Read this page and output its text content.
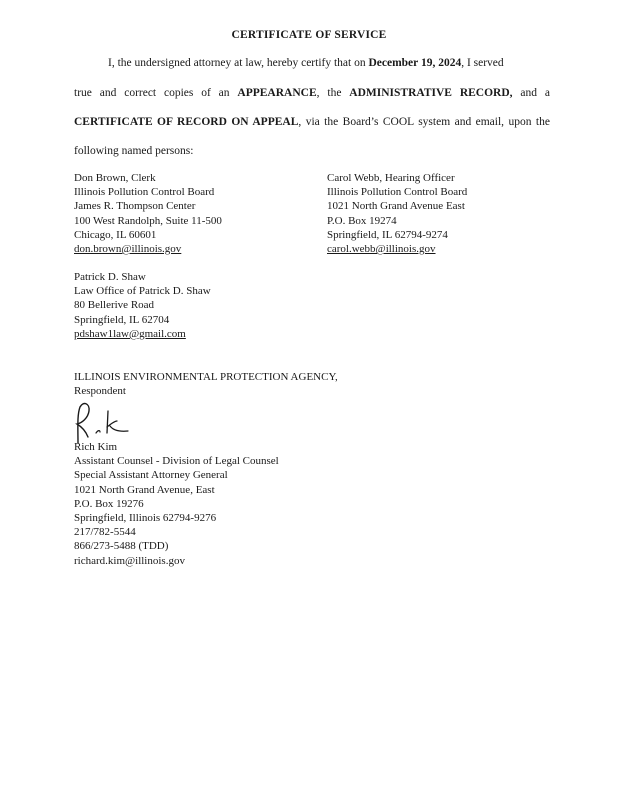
CERTIFICATE OF SERVICE
I, the undersigned attorney at law, hereby certify that on December 19, 2024, I served
true and correct copies of an APPEARANCE, the ADMINISTRATIVE RECORD, and a
CERTIFICATE OF RECORD ON APPEAL, via the Board’s COOL system and email, upon the
following named persons:
Don Brown, Clerk
Illinois Pollution Control Board
James R. Thompson Center
100 West Randolph, Suite 11-500
Chicago, IL 60601
don.brown@illinois.gov
Carol Webb, Hearing Officer
Illinois Pollution Control Board
1021 North Grand Avenue East
P.O. Box 19274
Springfield, IL 62794-9274
carol.webb@illinois.gov
Patrick D. Shaw
Law Office of Patrick D. Shaw
80 Bellerive Road
Springfield, IL 62704
pdshaw1law@gmail.com
ILLINOIS ENVIRONMENTAL PROTECTION AGENCY,
Respondent
Rich Kim
Assistant Counsel - Division of Legal Counsel
Special Assistant Attorney General
1021 North Grand Avenue, East
P.O. Box 19276
Springfield, Illinois 62794-9276
217/782-5544
866/273-5488 (TDD)
richard.kim@illinois.gov
